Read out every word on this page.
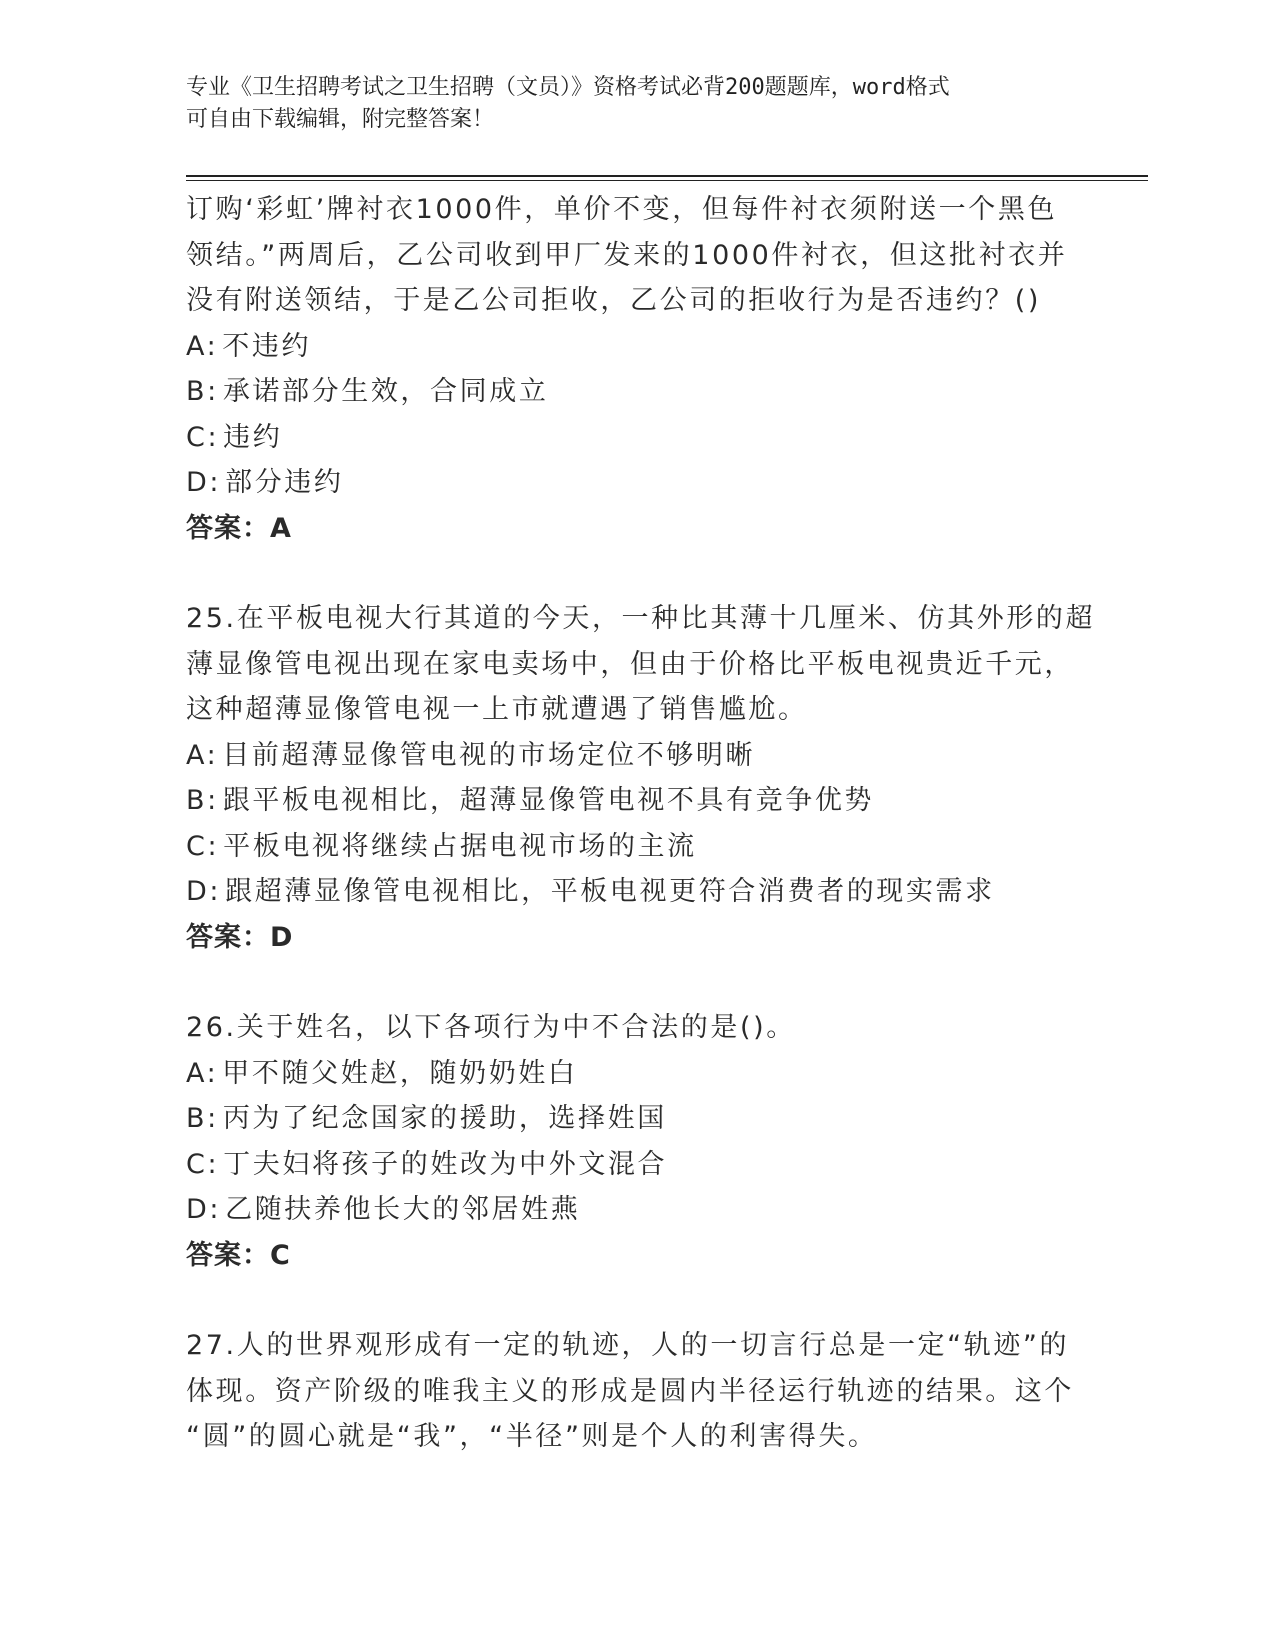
专业《卫生招聘考试之卫生招聘（文员）》资格考试必背200题题库，word格式
可自由下载编辑，附完整答案！
订购‘彩虹’牌衬衣1000件，单价不变，但每件衬衣须附送一个黑色
领结。”两周后，乙公司收到甲厂发来的1000件衬衣，但这批衬衣并
没有附送领结，于是乙公司拒收，乙公司的拒收行为是否违约？()
A: 不违约
B: 承诺部分生效，合同成立
C: 违约
D: 部分违约
答案：A
25.在平板电视大行其道的今天，一种比其薄十几厘米、仿其外形的超
薄显像管电视出现在家电卖场中，但由于价格比平板电视贵近千元，
这种超薄显像管电视一上市就遭遇了销售尴尬。
A: 目前超薄显像管电视的市场定位不够明晰
B: 跟平板电视相比，超薄显像管电视不具有竞争优势
C: 平板电视将继续占据电视市场的主流
D: 跟超薄显像管电视相比，平板电视更符合消费者的现实需求
答案：D
26.关于姓名，以下各项行为中不合法的是()。
A: 甲不随父姓赵，随奶奶姓白
B: 丙为了纪念国家的援助，选择姓国
C: 丁夫妇将孩子的姓改为中外文混合
D: 乙随扶养他长大的邻居姓燕
答案：C
27.人的世界观形成有一定的轨迹，人的一切言行总是一定“轨迹”的
体现。资产阶级的唯我主义的形成是圆内半径运行轨迹的结果。这个
“圆”的圆心就是“我”，“半径”则是个人的利害得失。
